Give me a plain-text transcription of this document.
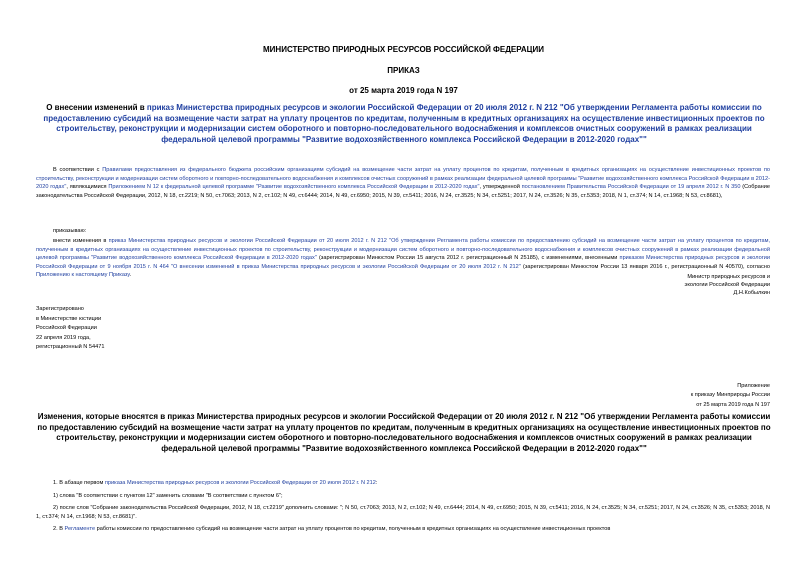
МИНИСТЕРСТВО ПРИРОДНЫХ РЕСУРСОВ РОССИЙСКОЙ ФЕДЕРАЦИИ
ПРИКАЗ
от 25 марта 2019 года N 197
О внесении изменений в приказ Министерства природных ресурсов и экологии Российской Федерации от 20 июля 2012 г. N 212 "Об утверждении Регламента работы комиссии по предоставлению субсидий на возмещение части затрат на уплату процентов по кредитам, полученным в кредитных организациях на осуществление инвестиционных проектов по строительству, реконструкции и модернизации систем оборотного и повторно-последовательного водоснабжения и комплексов очистных сооружений в рамках реализации федеральной целевой программы "Развитие водохозяйственного комплекса Российской Федерации в 2012-2020 годах""
В соответствии с Правилами предоставления из федерального бюджета российским организациям субсидий на возмещение части затрат на уплату процентов по кредитам, полученным в кредитных организациях на осуществление инвестиционных проектов по строительству, реконструкции и модернизации систем оборотного и повторно-последовательного водоснабжения и комплексов очистных сооружений в рамках реализации федеральной целевой программы "Развитие водохозяйственного комплекса Российской Федерации в 2012-2020 годах", являющимися Приложением N 12 к федеральной целевой программе "Развитие водохозяйственного комплекса Российской Федерации в 2012-2020 годах", утвержденной постановлением Правительства Российской Федерации от 19 апреля 2012 г. N 350 (Собрание законодательства Российской Федерации, 2012, N 18, ст.2219; N 50, ст.7063; 2013, N 2, ст.102; N 49, ст.6444; 2014, N 49, ст.6950; 2015, N 39, ст.5411; 2016, N 24, ст.3525; N 34, ст.5251; 2017, N 24, ст.3526; N 35, ст.5353; 2018, N 1, ст.374; N 14, ст.1968; N 53, ст.8681),
приказываю:
внести изменения в приказ Министерства природных ресурсов и экологии Российской Федерации от 20 июля 2012 г. N 212 "Об утверждении Регламента работы комиссии по предоставлению субсидий на возмещение части затрат на уплату процентов по кредитам, полученным в кредитных организациях на осуществление инвестиционных проектов по строительству, реконструкции и модернизации систем оборотного и повторно-последовательного водоснабжения и комплексов очистных сооружений в рамках реализации федеральной целевой программы "Развитие водохозяйственного комплекса Российской Федерации в 2012-2020 годах" (зарегистрирован Минюстом России 15 августа 2012 г. регистрационный N 25185), с изменениями, внесенными приказом Министерства природных ресурсов и экологии Российской Федерации от 9 ноября 2015 г. N 464 "О внесении изменений в приказ Министерства природных ресурсов и экологии Российской Федерации от 20 июля 2012 г. N 212" (зарегистрирован Минюстом России 13 января 2016 г., регистрационный N 40570), согласно Приложению к настоящему Приказу.	Министр природных ресурсов и
экологии Российской Федерации
Д.Н.Кобылкин
Зарегистрировано
в Министерстве юстиции
Российской Федерации
22 апреля 2019 года,
регистрационный N 54471
Приложение
к приказу Минприроды России
от 25 марта 2019 года N 197
Изменения, которые вносятся в приказ Министерства природных ресурсов и экологии Российской Федерации от 20 июля 2012 г. N 212 "Об утверждении Регламента работы комиссии по предоставлению субсидий на возмещение части затрат на уплату процентов по кредитам, полученным в кредитных организациях на осуществление инвестиционных проектов по строительству, реконструкции и модернизации систем оборотного и повторно-последовательного водоснабжения и комплексов очистных сооружений в рамках реализации федеральной целевой программы "Развитие водохозяйственного комплекса Российской Федерации в 2012-2020 годах""
1. В абзаце первом приказа Министерства природных ресурсов и экологии Российской Федерации от 20 июля 2012 г. N 212:
1) слова "В соответствии с пунктом 12" заменить словами "В соответствии с пунктом 6";
2) после слов "Собрание законодательства Российской Федерации, 2012, N 18, ст.2219" дополнить словами: "; N 50, ст.7063; 2013, N 2, ст.102; N 49, ст.6444; 2014, N 49, ст.6950; 2015, N 39, ст.5411; 2016, N 24, ст.3525; N 34, ст.5251; 2017, N 24, ст.3526; N 35, ст.5353; 2018, N 1, ст.374; N 14, ст.1968; N 53, ст.8681)".
2. В Регламенте работы комиссии по предоставлению субсидий на возмещение части затрат на уплату процентов по кредитам, полученным в кредитных организациях на осуществление инвестиционных проектов
